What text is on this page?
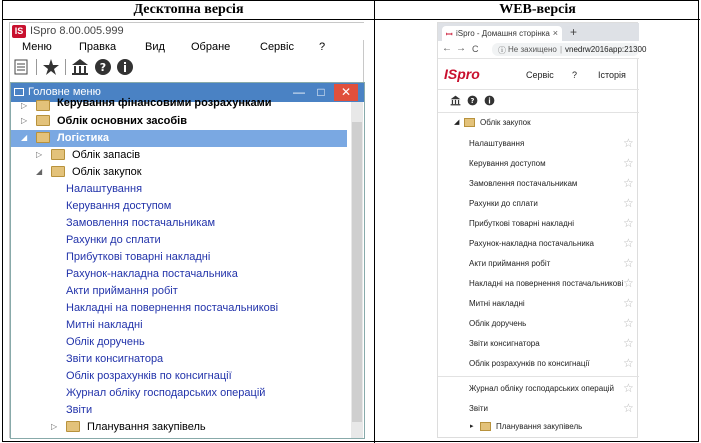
Десктопна версія	WEB-версія
IS ISpro 8.00.005.999
Меню Правка	Вид Обране	Сервіс ?
?
Головне меню	—	□	✕
▷	Керування фінансовими розрахунками
▷	Облік основних засобів
◢	Логістика
▷	Облік запасів
◢	Облік закупок
Налаштування
Керування доступом
Замовлення постачальникам
Рахунки до сплати
Прибуткові товарні накладні
Рахунок-накладна постачальника
Акти приймання робіт
Накладні на повернення постачальникові
Митні накладні
Облік доручень
Звіти консигнатора
Облік розрахунків по консигнації
Журнал обліку господарських операцій
Звіти
▷	Планування закупівель
ꟷ iSpro - Домашня сторінка × +
← → C ⓘ Не захищено | vnedrw2016app:21300
ISpro	Сервіс ? Історія
?
◢	Облік закупок
Налаштування	☆
Керування доступом	☆
Замовлення постачальникам	☆
Рахунки до сплати	☆
Прибуткові товарні накладні	☆
Рахунок-накладна постачальника ☆
Акти приймання робіт	☆
Накладні на повернення постачальникові ☆
Митні накладні	☆
Облік доручень	☆
Звіти консигнатора	☆
Облік розрахунків по консигнації	☆
Журнал обліку господарських операцій ☆
Звіти	☆
▸	Планування закупівель
